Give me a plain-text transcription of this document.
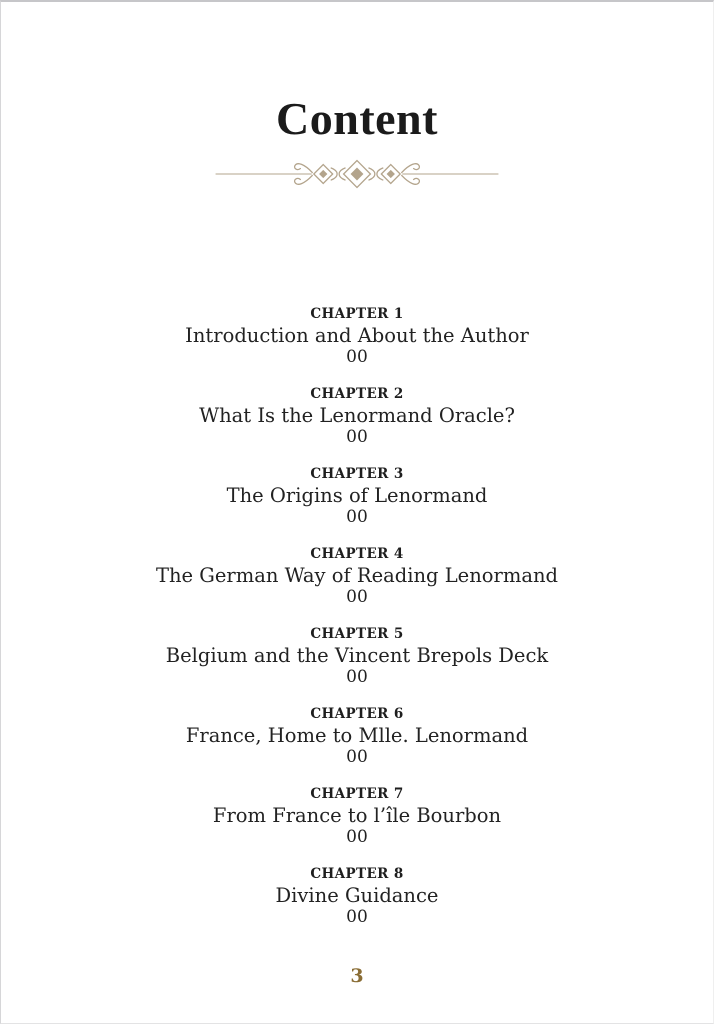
Content
CHAPTER 1
Introduction and About the Author
00
CHAPTER 2
What Is the Lenormand Oracle?
00
CHAPTER 3
The Origins of Lenormand
00
CHAPTER 4
The German Way of Reading Lenormand
00
CHAPTER 5
Belgium and the Vincent Brepols Deck
00
CHAPTER 6
France, Home to Mlle. Lenormand
00
CHAPTER 7
From France to l’île Bourbon
00
CHAPTER 8
Divine Guidance
00
3
